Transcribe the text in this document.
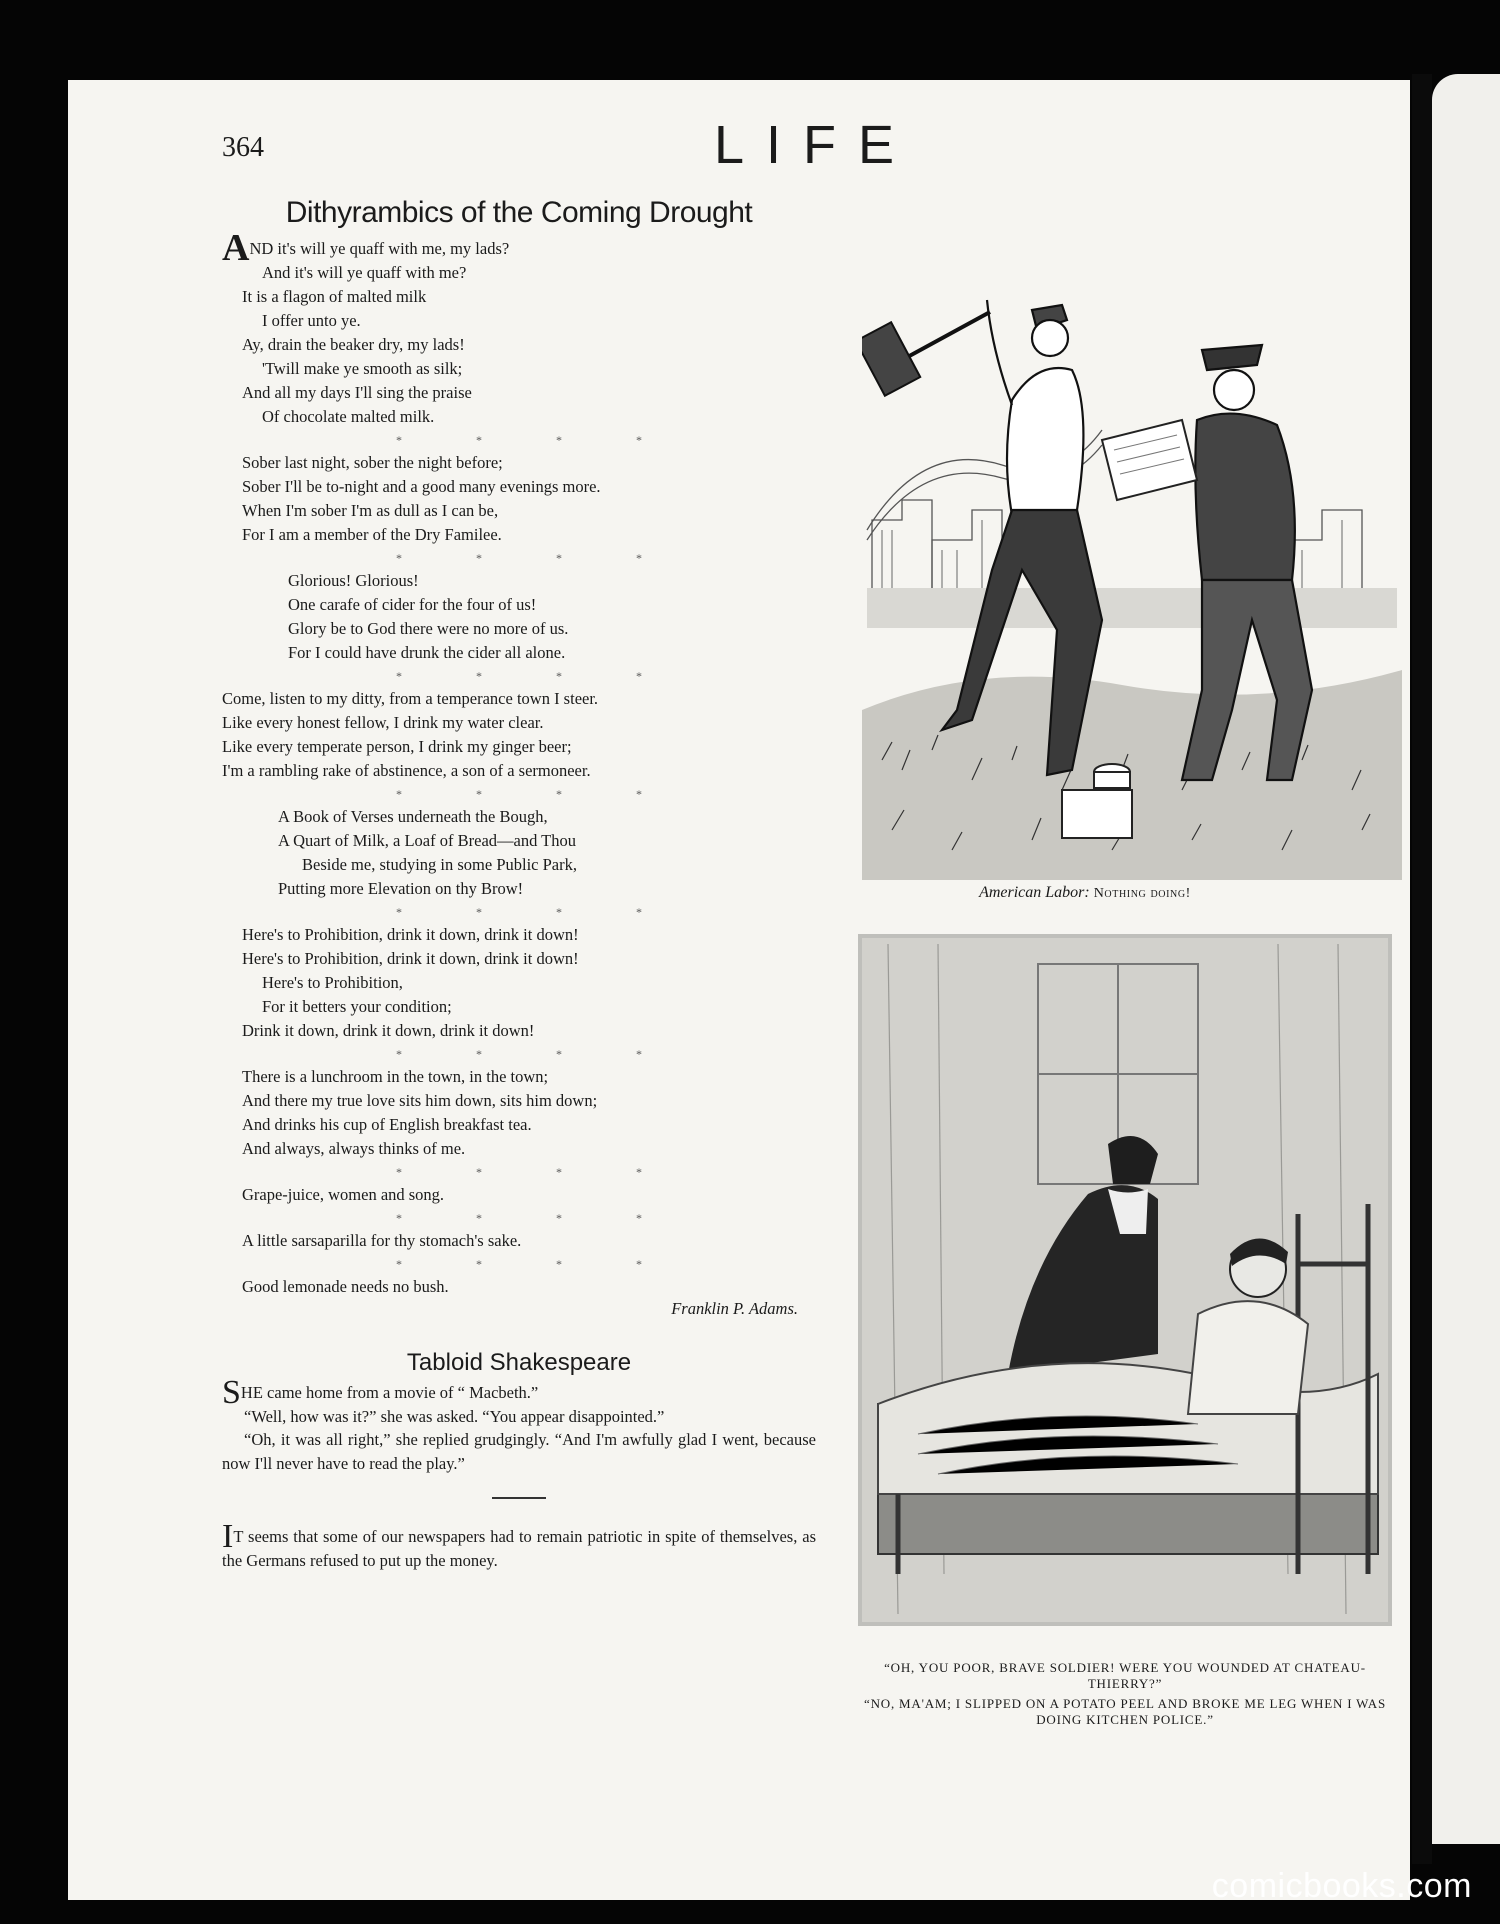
364	LIFE
Dithyrambics of the Coming Drought
AND it's will ye quaff with me, my lads?
And it's will ye quaff with me?
It is a flagon of malted milk
I offer unto ye.
Ay, drain the beaker dry, my lads!
'Twill make ye smooth as silk;
And all my days I'll sing the praise
Of chocolate malted milk.
*	*	*	*
Sober last night, sober the night before;
Sober I'll be to-night and a good many evenings more.
When I'm sober I'm as dull as I can be,
For I am a member of the Dry Familee.
*	*	*	*
Glorious! Glorious!
One carafe of cider for the four of us!
Glory be to God there were no more of us.
For I could have drunk the cider all alone.
*	*	*	*
Come, listen to my ditty, from a temperance town I steer.
Like every honest fellow, I drink my water clear.
Like every temperate person, I drink my ginger beer;
I'm a rambling rake of abstinence, a son of a sermoneer.
*	*	*	*
A Book of Verses underneath the Bough,
A Quart of Milk, a Loaf of Bread—and Thou
Beside me, studying in some Public Park,
Putting more Elevation on thy Brow!
*	*	*	*
Here's to Prohibition, drink it down, drink it down!
Here's to Prohibition, drink it down, drink it down!
Here's to Prohibition,
For it betters your condition;
Drink it down, drink it down, drink it down!
*	*	*	*
There is a lunchroom in the town, in the town;
And there my true love sits him down, sits him down;
And drinks his cup of English breakfast tea.
And always, always thinks of me.
*	*	*	*
Grape-juice, women and song.
*	*	*	*
A little sarsaparilla for thy stomach's sake.
*	*	*	*
Good lemonade needs no bush.
Franklin P. Adams.
Tabloid Shakespeare

SHE came home from a movie of “ Macbeth.”

“Well, how was it?” she was asked. “You appear disappointed.”

“Oh, it was all right,” she replied grudgingly. “And I'm awfully glad I went, because now I'll never have to read the play.”

IT seems that some of our newspapers had to remain patriotic in spite of themselves, as the Germans refused to put up the money.

American Labor: Nothing doing!

“OH, YOU POOR, BRAVE SOLDIER! WERE YOU WOUNDED AT CHATEAU-THIERRY?”

“NO, MA'AM; I SLIPPED ON A POTATO PEEL AND BROKE ME LEG WHEN I WAS DOING KITCHEN POLICE.”

comicbooks.com
